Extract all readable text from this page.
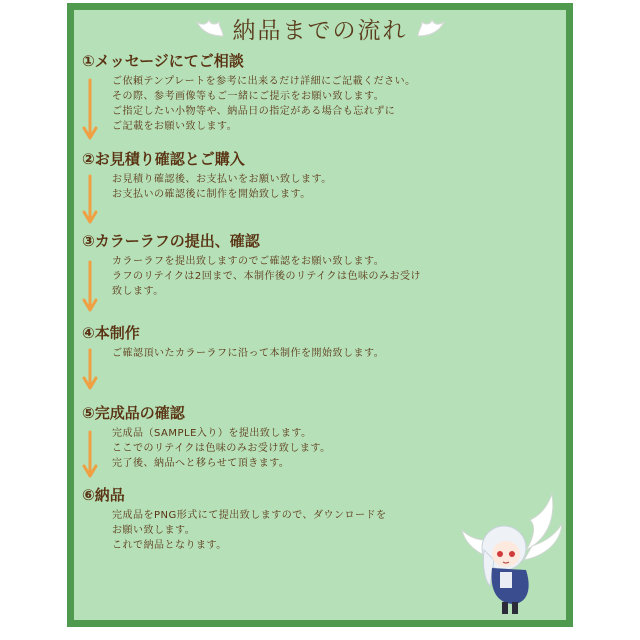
納品までの流れ
①メッセージにてご相談
ご依頼テンプレートを参考に出来るだけ詳細にご記載ください。
その際、参考画像等もご一緒にご提示をお願い致します。
ご指定したい小物等や、納品日の指定がある場合も忘れずに
ご記載をお願い致します。
②お見積り確認とご購入
お見積り確認後、お支払いをお願い致します。
お支払いの確認後に制作を開始致します。
③カラーラフの提出、確認
カラーラフを提出致しますのでご確認をお願い致します。
ラフのリテイクは2回まで、本制作後のリテイクは色味のみお受け
致します。
④本制作
ご確認頂いたカラーラフに沿って本制作を開始致します。
⑤完成品の確認
完成品（SAMPLE入り）を提出致します。
ここでのリテイクは色味のみお受け致します。
完了後、納品へと移らせて頂きます。
⑥納品
完成品をPNG形式にて提出致しますので、ダウンロードを
お願い致します。
これで納品となります。
